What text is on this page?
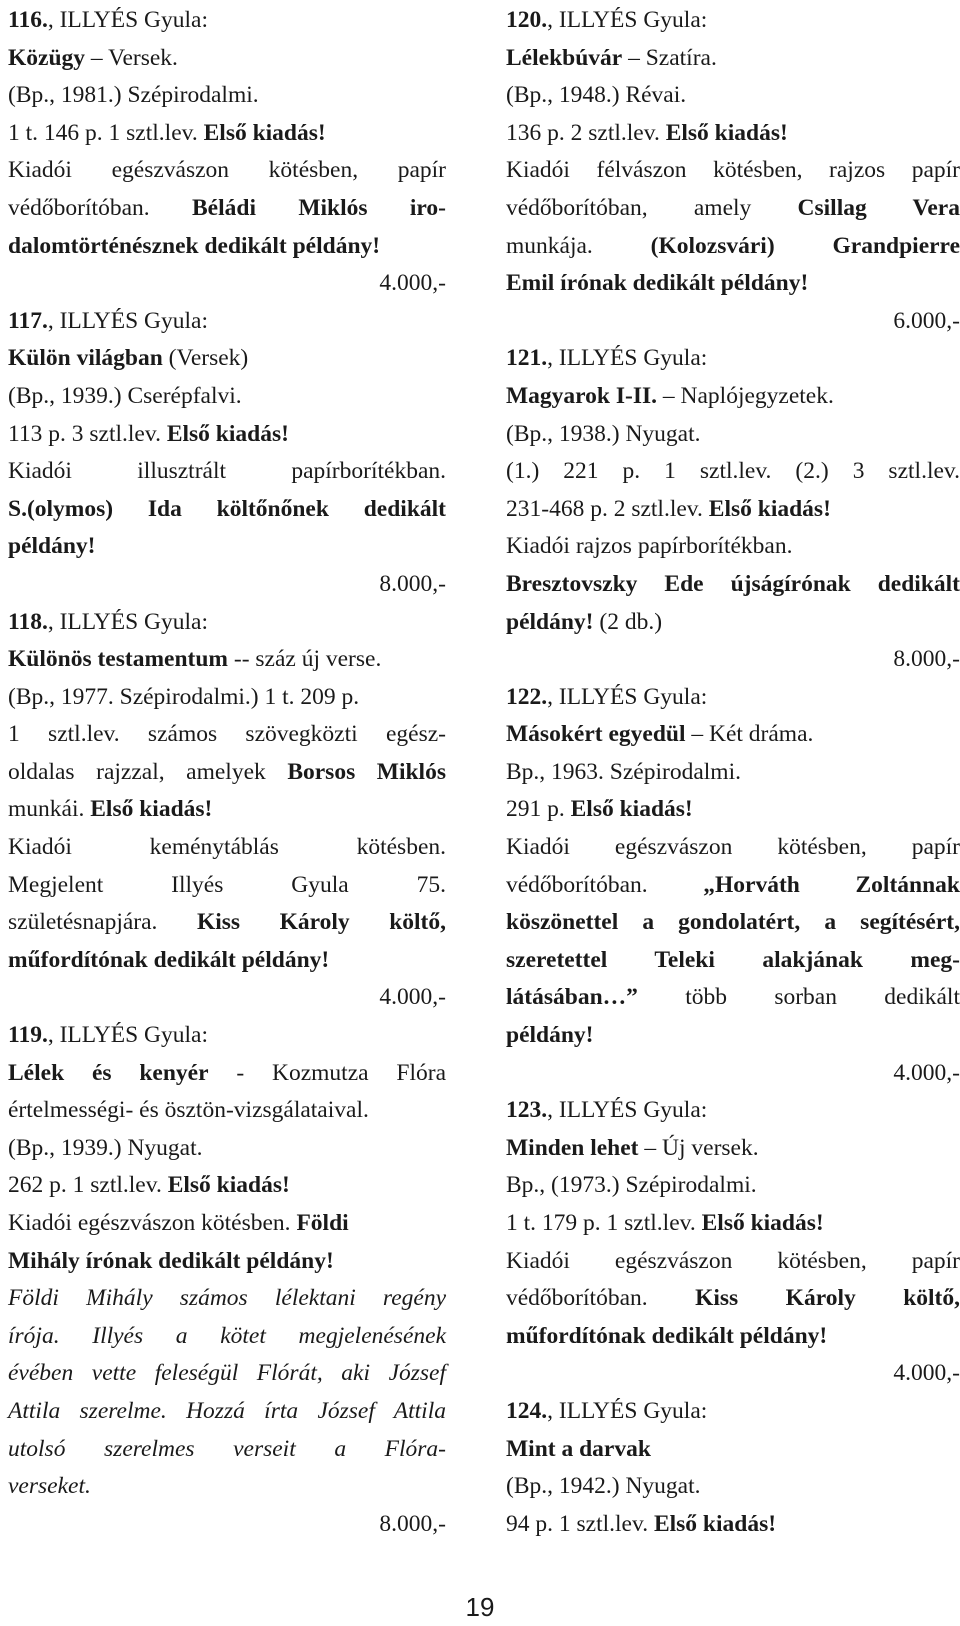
116., ILLYÉS Gyula:
Közügy – Versek.
(Bp., 1981.) Szépirodalmi.
1 t. 146 p. 1 sztl.lev. Első kiadás!
Kiadói egészvászon kötésben, papír
védőborítóban. Béládi Miklós iro-
dalomtörténésznek dedikált példány!
4.000,-
117., ILLYÉS Gyula:
Külön világban (Versek)
(Bp., 1939.) Cserépfalvi.
113 p. 3 sztl.lev. Első kiadás!
Kiadói illusztrált papírborítékban.
S.(olymos) Ida költőnőnek dedikált
példány!
8.000,-
118., ILLYÉS Gyula:
Különös testamentum -- száz új verse.
(Bp., 1977. Szépirodalmi.) 1 t. 209 p.
1 sztl.lev. számos szövegközti egész-
oldalas rajzzal, amelyek Borsos Miklós
munkái. Első kiadás!
Kiadói keménytáblás kötésben.
Megjelent Illyés Gyula 75.
születésnapjára. Kiss Károly költő,
műfordítónak dedikált példány!
4.000,-
119., ILLYÉS Gyula:
Lélek és kenyér - Kozmutza Flóra
értelmességi- és ösztön-vizsgálataival.
(Bp., 1939.) Nyugat.
262 p. 1 sztl.lev. Első kiadás!
Kiadói egészvászon kötésben. Földi
Mihály írónak dedikált példány!
Földi Mihály számos lélektani regény
írója. Illyés a kötet megjelenésének
évében vette feleségül Flórát, aki József
Attila szerelme. Hozzá írta József Attila
utolsó szerelmes verseit a Flóra-
verseket.
8.000,-
120., ILLYÉS Gyula:
Lélekbúvár – Szatíra.
(Bp., 1948.) Révai.
136 p. 2 sztl.lev. Első kiadás!
Kiadói félvászon kötésben, rajzos papír
védőborítóban, amely Csillag Vera
munkája. (Kolozsvári) Grandpierre
Emil írónak dedikált példány!
6.000,-
121., ILLYÉS Gyula:
Magyarok I-II. – Naplójegyzetek.
(Bp., 1938.) Nyugat.
(1.) 221 p. 1 sztl.lev. (2.) 3 sztl.lev.
231-468 p. 2 sztl.lev. Első kiadás!
Kiadói rajzos papírborítékban.
Bresztovszky Ede újságírónak dedikált
példány! (2 db.)
8.000,-
122., ILLYÉS Gyula:
Másokért egyedül – Két dráma.
Bp., 1963. Szépirodalmi.
291 p. Első kiadás!
Kiadói egészvászon kötésben, papír
védőborítóban. „Horváth Zoltánnak
köszönettel a gondolatért, a segítésért,
szeretettel Teleki alakjának meg-
látásában…” több sorban dedikált
példány!
4.000,-
123., ILLYÉS Gyula:
Minden lehet – Új versek.
Bp., (1973.) Szépirodalmi.
1 t. 179 p. 1 sztl.lev. Első kiadás!
Kiadói egészvászon kötésben, papír
védőborítóban. Kiss Károly költő,
műfordítónak dedikált példány!
4.000,-
124., ILLYÉS Gyula:
Mint a darvak
(Bp., 1942.) Nyugat.
94 p. 1 sztl.lev. Első kiadás!
19
